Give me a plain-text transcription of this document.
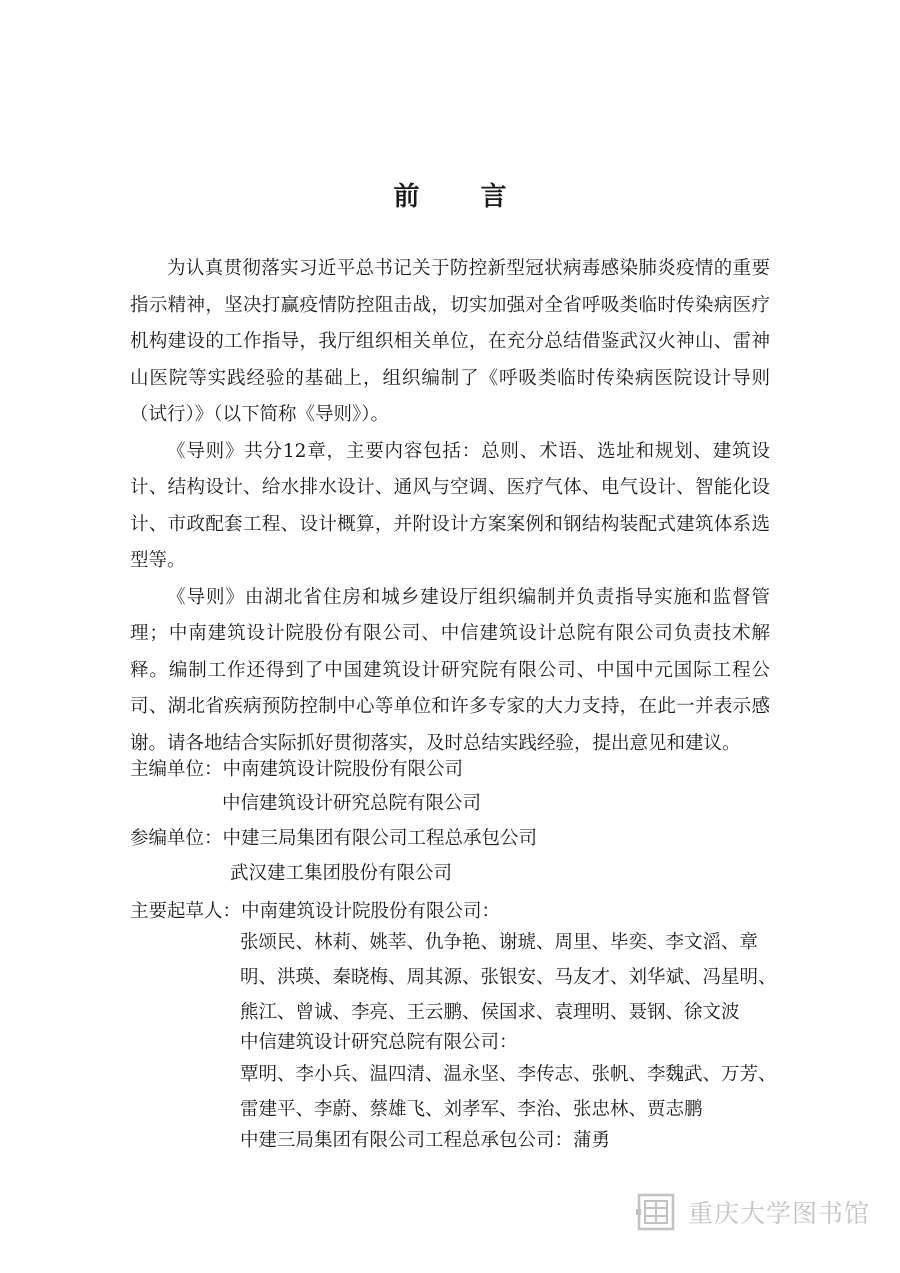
前 言

为认真贯彻落实习近平总书记关于防控新型冠状病毒感染肺炎疫情的重要指示精神，坚决打赢疫情防控阻击战，切实加强对全省呼吸类临时传染病医疗机构建设的工作指导，我厅组织相关单位，在充分总结借鉴武汉火神山、雷神山医院等实践经验的基础上，组织编制了《呼吸类临时传染病医院设计导则（试行）》（以下简称《导则》）。

《导则》共分12章，主要内容包括：总则、术语、选址和规划、建筑设计、结构设计、给水排水设计、通风与空调、医疗气体、电气设计、智能化设计、市政配套工程、设计概算，并附设计方案案例和钢结构装配式建筑体系选型等。

《导则》由湖北省住房和城乡建设厅组织编制并负责指导实施和监督管理；中南建筑设计院股份有限公司、中信建筑设计总院有限公司负责技术解释。编制工作还得到了中国建筑设计研究院有限公司、中国中元国际工程公司、湖北省疾病预防控制中心等单位和许多专家的大力支持，在此一并表示感谢。请各地结合实际抓好贯彻落实，及时总结实践经验，提出意见和建议。

主编单位：中南建筑设计院股份有限公司
中信建筑设计研究总院有限公司
参编单位：中建三局集团有限公司工程总承包公司
武汉建工集团股份有限公司
主要起草人：中南建筑设计院股份有限公司：
张颂民、林莉、姚莘、仇争艳、谢琥、周里、毕奕、李文滔、章明、洪瑛、秦晓梅、周其源、张银安、马友才、刘华斌、冯星明、熊江、曾诚、李亮、王云鹏、侯国求、袁理明、聂钢、徐文波
中信建筑设计研究总院有限公司：
覃明、李小兵、温四清、温永坚、李传志、张帆、李魏武、万芳、雷建平、李蔚、蔡雄飞、刘孝军、李治、张忠林、贾志鹏
中建三局集团有限公司工程总承包公司：蒲勇
重庆大学图书馆
